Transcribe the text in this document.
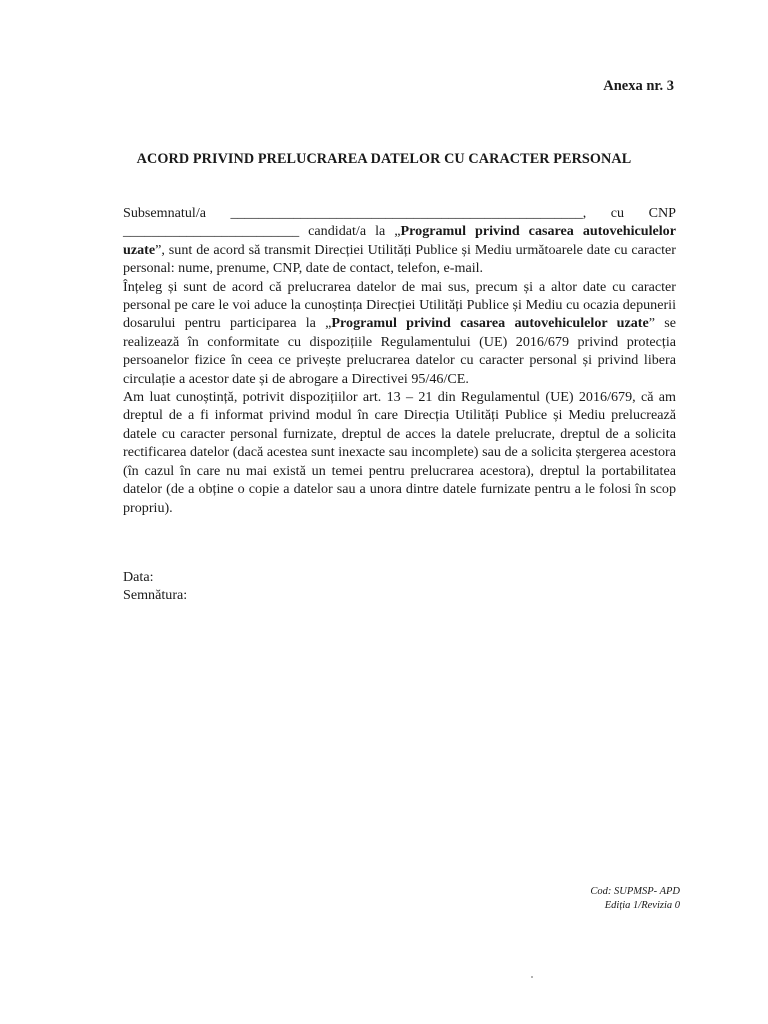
Anexa nr. 3
ACORD PRIVIND PRELUCRAREA DATELOR CU CARACTER PERSONAL

Subsemnatul/a __________________________________________________, cu CNP _________________________ candidat/a la „Programul privind casarea autovehiculelor uzate”, sunt de acord să transmit Direcției Utilități Publice și Mediu următoarele date cu caracter personal: nume, prenume, CNP, date de contact, telefon, e-mail.

Înțeleg și sunt de acord că prelucrarea datelor de mai sus, precum și a altor date cu caracter personal pe care le voi aduce la cunoștința Direcției Utilități Publice și Mediu cu ocazia depunerii dosarului pentru participarea la „Programul privind casarea autovehiculelor uzate” se realizează în conformitate cu dispozițiile Regulamentului (UE) 2016/679 privind protecția persoanelor fizice în ceea ce privește prelucrarea datelor cu caracter personal și privind libera circulație a acestor date și de abrogare a Directivei 95/46/CE.

Am luat cunoștință, potrivit dispozițiilor art. 13 – 21 din Regulamentul (UE) 2016/679, că am dreptul de a fi informat privind modul în care Direcția Utilități Publice și Mediu prelucrează datele cu caracter personal furnizate, dreptul de acces la datele prelucrate, dreptul de a solicita rectificarea datelor (dacă acestea sunt inexacte sau incomplete) sau de a solicita ștergerea acestora (în cazul în care nu mai există un temei pentru prelucrarea acestora), dreptul la portabilitatea datelor (de a obține o copie a datelor sau a unora dintre datele furnizate pentru a le folosi în scop propriu).

Data:
Semnătura:
Cod: SUPMSP- APD
Ediția 1/Revizia 0
